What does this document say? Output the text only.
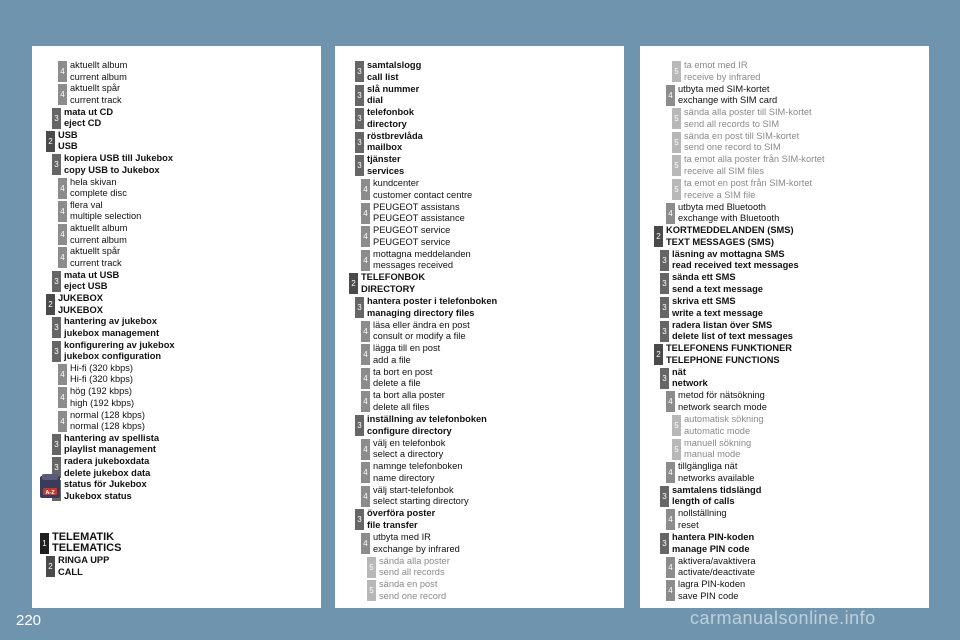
4
aktuellt album
current album
4
aktuellt spår
current track
3
mata ut CD
eject CD
2
USB
USB
3
kopiera USB till Jukebox
copy USB to Jukebox
4
hela skivan
complete disc
4
flera val
multiple selection
4
aktuellt album
current album
4
aktuellt spår
current track
3
mata ut USB
eject USB
2
JUKEBOX
JUKEBOX
3
hantering av jukebox
jukebox management
3
konfigurering av jukebox
jukebox configuration
4
Hi-fi (320 kbps)
Hi-fi (320 kbps)
4
hög (192 kbps)
high (192 kbps)
4
normal (128 kbps)
normal (128 kbps)
3
hantering av spellista
playlist management
3
radera jukeboxdata
delete jukebox data
status för Jukebox
Jukebox status
1
TELEMATIK
TELEMATICS
2
RINGA UPP
CALL
3
samtalslogg
call list
3
slå nummer
dial
3
telefonbok
directory
3
röstbrevlåda
mailbox
3
tjänster
services
4
kundcenter
customer contact centre
4
PEUGEOT assistans
PEUGEOT assistance
4
PEUGEOT service
PEUGEOT service
4
mottagna meddelanden
messages received
2
TELEFONBOK
DIRECTORY
3
hantera poster i telefonboken
managing directory files
4
läsa eller ändra en post
consult or modify a file
4
lägga till en post
add a file
4
ta bort en post
delete a file
4
ta bort alla poster
delete all files
3
inställning av telefonboken
configure directory
4
välj en telefonbok
select a directory
4
namnge telefonboken
name directory
4
välj start-telefonbok
select starting directory
3
överföra poster
file transfer
4
utbyta med IR
exchange by infrared
5
sända alla poster
send all records
5
sända en post
send one record
5
ta emot med IR
receive by infrared
4
utbyta med SIM-kortet
exchange with SIM card
5
sända alla poster till SIM-kortet
send all records to SIM
5
sända en post till SIM-kortet
send one record to SIM
5
ta emot alla poster från SIM-kortet
receive all SIM files
5
ta emot en post från SIM-kortet
receive a SIM file
4
utbyta med Bluetooth
exchange with Bluetooth
2
KORTMEDDELANDEN (SMS)
TEXT MESSAGES (SMS)
3
läsning av mottagna SMS
read received text messages
3
sända ett SMS
send a text message
3
skriva ett SMS
write a text message
3
radera listan över SMS
delete list of text messages
2
TELEFONENS FUNKTIONER
TELEPHONE FUNCTIONS
3
nät
network
4
metod för nätsökning
network search mode
5
automatisk sökning
automatic mode
5
manuell sökning
manual mode
4
tillgängliga nät
networks available
3
samtalens tidslängd
length of calls
4
nollställning
reset
3
hantera PIN-koden
manage PIN code
4
aktivera/avaktivera
activate/deactivate
4
lagra PIN-koden
save PIN code
A-Z
220	carmanualsonline.info
